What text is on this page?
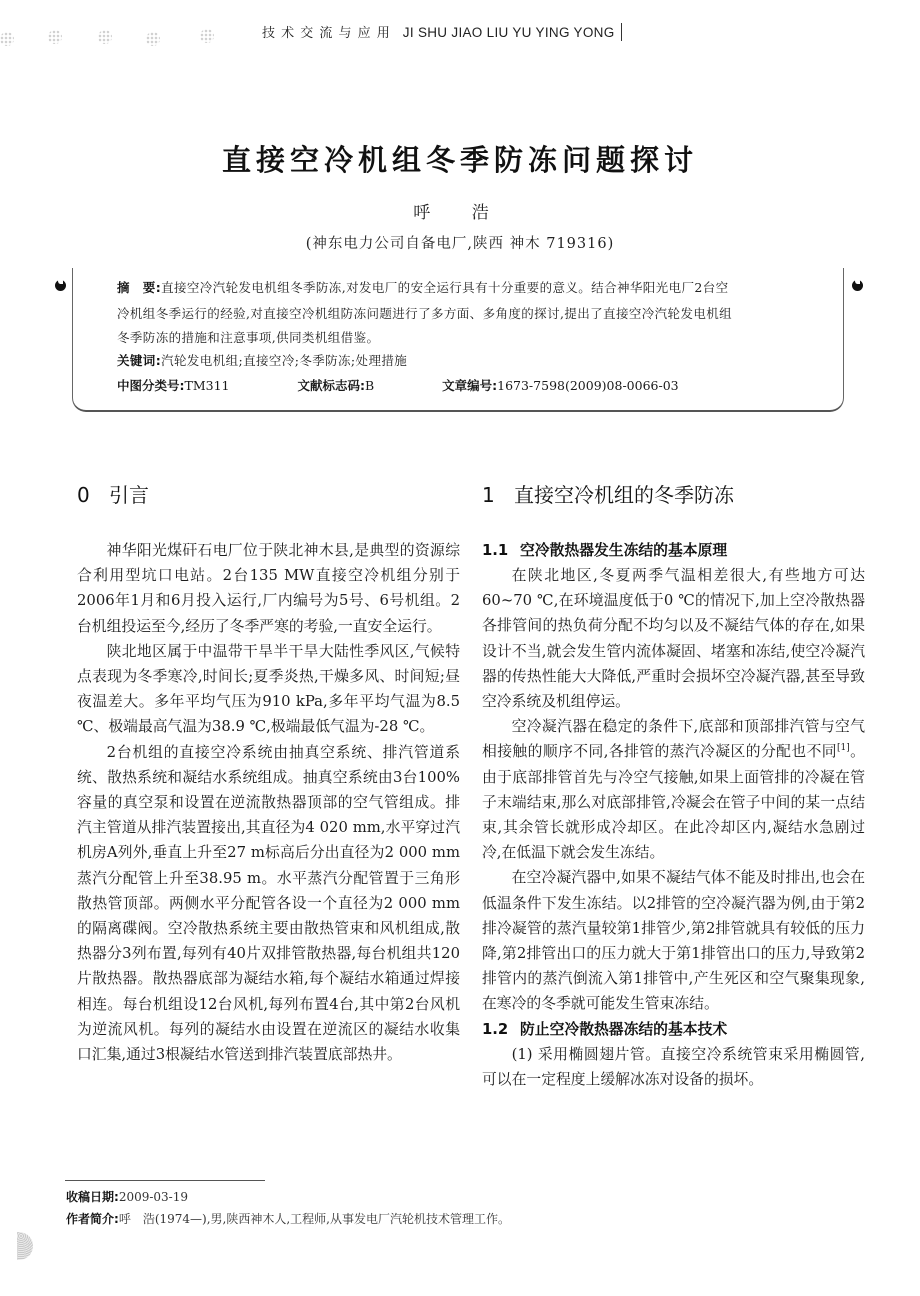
技 术 交 流 与 应 用 JI SHU JIAO LIU YU YING YONG
直接空冷机组冬季防冻问题探讨
呼 浩
(神东电力公司自备电厂,陕西 神木 719316)
摘　要:直接空冷汽轮发电机组冬季防冻,对发电厂的安全运行具有十分重要的意义。结合神华阳光电厂2台空
冷机组冬季运行的经验,对直接空冷机组防冻问题进行了多方面、多角度的探讨,提出了直接空冷汽轮发电机组
冬季防冻的措施和注意事项,供同类机组借鉴。
关键词:汽轮发电机组;直接空冷;冬季防冻;处理措施
中图分类号:TM311	文献标志码:B	文章编号:1673-7598(2009)08-0066-03
0 引言

神华阳光煤矸石电厂位于陕北神木县,是典型的资源综合利用型坑口电站。2台135 MW直接空冷机组分别于2006年1月和6月投入运行,厂内编号为5号、6号机组。2台机组投运至今,经历了冬季严寒的考验,一直安全运行。

陕北地区属于中温带干旱半干旱大陆性季风区,气候特点表现为冬季寒冷,时间长;夏季炎热,干燥多风、时间短;昼夜温差大。多年平均气压为910 kPa,多年平均气温为8.5 ℃、极端最高气温为38.9 ℃,极端最低气温为-28 ℃。

2台机组的直接空冷系统由抽真空系统、排汽管道系统、散热系统和凝结水系统组成。抽真空系统由3台100%容量的真空泵和设置在逆流散热器顶部的空气管组成。排汽主管道从排汽装置接出,其直径为4 020 mm,水平穿过汽机房A列外,垂直上升至27 m标高后分出直径为2 000 mm蒸汽分配管上升至38.95 m。水平蒸汽分配管置于三角形散热管顶部。两侧水平分配管各设一个直径为2 000 mm的隔离碟阀。空冷散热系统主要由散热管束和风机组成,散热器分3列布置,每列有40片双排管散热器,每台机组共120片散热器。散热器底部为凝结水箱,每个凝结水箱通过焊接相连。每台机组设12台风机,每列布置4台,其中第2台风机为逆流风机。每列的凝结水由设置在逆流区的凝结水收集口汇集,通过3根凝结水管送到排汽装置底部热井。

1 直接空冷机组的冬季防冻
1.1 空冷散热器发生冻结的基本原理

在陕北地区,冬夏两季气温相差很大,有些地方可达60~70 ℃,在环境温度低于0 ℃的情况下,加上空冷散热器各排管间的热负荷分配不均匀以及不凝结气体的存在,如果设计不当,就会发生管内流体凝固、堵塞和冻结,使空冷凝汽器的传热性能大大降低,严重时会损坏空冷凝汽器,甚至导致空冷系统及机组停运。

空冷凝汽器在稳定的条件下,底部和顶部排汽管与空气相接触的顺序不同,各排管的蒸汽冷凝区的分配也不同[1]。由于底部排管首先与冷空气接触,如果上面管排的冷凝在管子末端结束,那么对底部排管,冷凝会在管子中间的某一点结束,其余管长就形成冷却区。在此冷却区内,凝结水急剧过冷,在低温下就会发生冻结。

在空冷凝汽器中,如果不凝结气体不能及时排出,也会在低温条件下发生冻结。以2排管的空冷凝汽器为例,由于第2排冷凝管的蒸汽量较第1排管少,第2排管就具有较低的压力降,第2排管出口的压力就大于第1排管出口的压力,导致第2排管内的蒸汽倒流入第1排管中,产生死区和空气聚集现象,在寒冷的冬季就可能发生管束冻结。

1.2 防止空冷散热器冻结的基本技术

(1) 采用椭圆翅片管。直接空冷系统管束采用椭圆管,可以在一定程度上缓解冰冻对设备的损坏。

收稿日期:2009-03-19
作者简介:呼　浩(1974—),男,陕西神木人,工程师,从事发电厂汽轮机技术管理工作。
